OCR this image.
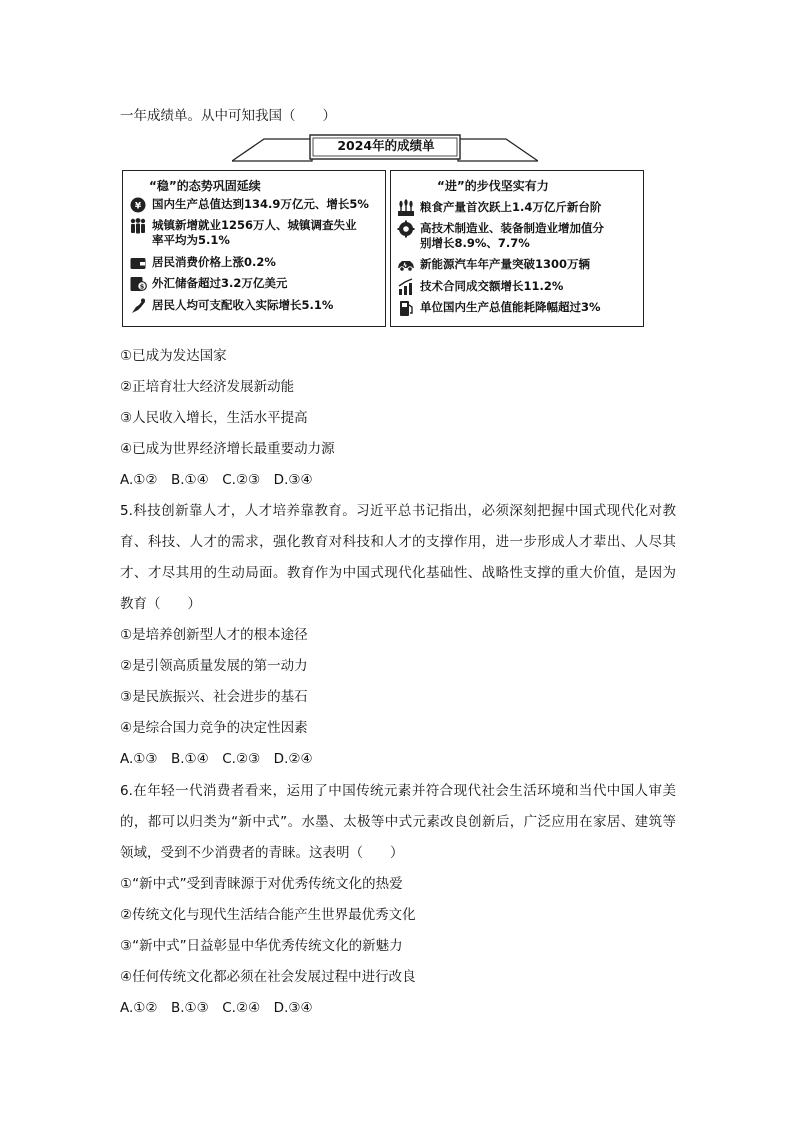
一年成绩单。从中可知我国（　　）
2024年的成绩单
“稳”的态势巩固延续
¥ 国内生产总值达到134.9万亿元、增长5%
城镇新增就业1256万人、城镇调查失业
率平均为5.1%
居民消费价格上涨0.2%
$ 外汇储备超过3.2万亿美元
居民人均可支配收入实际增长5.1%
“进”的步伐坚实有力
粮食产量首次跃上1.4万亿斤新台阶
高技术制造业、装备制造业增加值分
别增长8.9%、7.7%
新能源汽车年产量突破1300万辆
技术合同成交额增长11.2%
单位国内生产总值能耗降幅超过3%
①已成为发达国家
②正培育壮大经济发展新动能
③人民收入增长，生活水平提高
④已成为世界经济增长最重要动力源
A.①②　B.①④　C.②③　D.③④
5.科技创新靠人才，人才培养靠教育。习近平总书记指出，必须深刻把握中国式现代化对教
育、科技、人才的需求，强化教育对科技和人才的支撑作用，进一步形成人才辈出、人尽其
才、才尽其用的生动局面。教育作为中国式现代化基础性、战略性支撑的重大价值，是因为
教育（　　）
①是培养创新型人才的根本途径
②是引领高质量发展的第一动力
③是民族振兴、社会进步的基石
④是综合国力竞争的决定性因素
A.①③　B.①④　C.②③　D.②④
6.在年轻一代消费者看来，运用了中国传统元素并符合现代社会生活环境和当代中国人审美
的，都可以归类为“新中式”。水墨、太极等中式元素改良创新后，广泛应用在家居、建筑等
领域，受到不少消费者的青睐。这表明（　　）
①“新中式”受到青睐源于对优秀传统文化的热爱
②传统文化与现代生活结合能产生世界最优秀文化
③“新中式”日益彰显中华优秀传统文化的新魅力
④任何传统文化都必须在社会发展过程中进行改良
A.①②　B.①③　C.②④　D.③④
